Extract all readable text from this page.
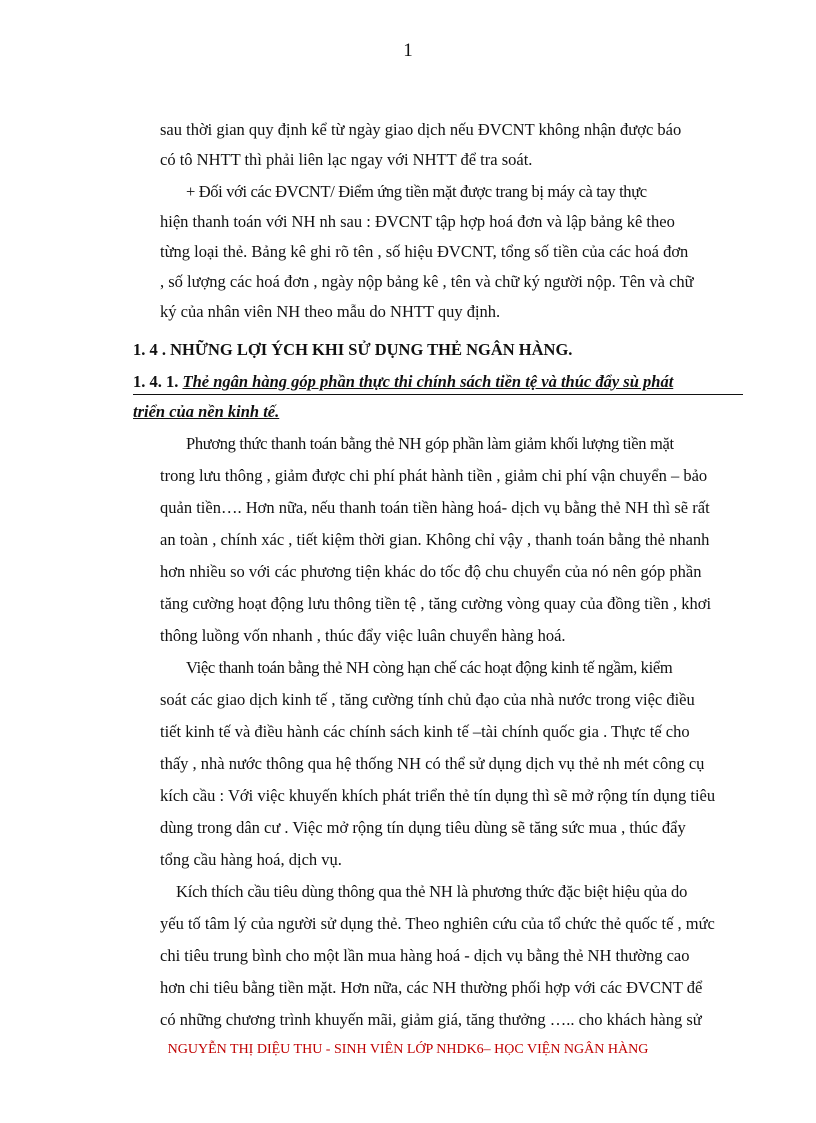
1
sau thời gian quy định kể từ ngày giao dịch nếu ĐVCNT không nhận được báo
có tô NHTT thì phải liên lạc ngay với NHTT để tra soát.
+ Đối với các ĐVCNT/ Điểm ứng tiền mặt được trang bị máy cà tay thực
hiện thanh toán với NH nh sau : ĐVCNT tập hợp hoá đơn và lập bảng kê theo
từng loại thẻ. Bảng kê ghi rõ tên , số hiệu ĐVCNT, tổng số tiền của các hoá đơn
, số lượng các hoá đơn , ngày nộp bảng kê , tên và chữ ký người nộp. Tên và chữ
ký của nhân viên NH theo mẫu do NHTT quy định.
1. 4 . NHỮNG LỢI ÝCH KHI SỬ DỤNG THẺ NGÂN HÀNG.
1. 4. 1. Thẻ ngân hàng góp phần thực thi chính sách tiền tệ và thúc đẩy sù phát
triển của nền kinh tế.
Phương thức thanh toán bằng thẻ NH góp phần làm giảm khối lượng tiền mặt
trong lưu thông , giảm được chi phí phát hành tiền , giảm chi phí vận chuyển – bảo
quản tiền…. Hơn nữa, nếu thanh toán tiền hàng hoá- dịch vụ bằng thẻ NH thì sẽ rất
an toàn , chính xác , tiết kiệm thời gian. Không chỉ vậy , thanh toán bằng thẻ nhanh
hơn nhiều so với các phương tiện khác do tốc độ chu chuyển của nó nên góp phần
tăng cường hoạt động lưu thông tiền tệ , tăng cường vòng quay của đồng tiền , khơi
thông luồng vốn nhanh , thúc đẩy việc luân chuyển hàng hoá.
Việc thanh toán bằng thẻ NH còng hạn chế các hoạt động kinh tế ngầm, kiểm
soát các giao dịch kinh tế , tăng cường tính chủ đạo của nhà nước trong việc điều
tiết kinh tế và điều hành các chính sách kinh tế –tài chính quốc gia . Thực tế cho
thấy , nhà nước thông qua hệ thống NH có thể sử dụng dịch vụ thẻ nh mét công cụ
kích cầu : Với việc khuyến khích phát triển thẻ tín dụng thì sẽ mở rộng tín dụng tiêu
dùng trong dân cư . Việc mở rộng tín dụng tiêu dùng sẽ tăng sức mua , thúc đẩy
tổng cầu hàng hoá, dịch vụ.
Kích thích cầu tiêu dùng thông qua thẻ NH là phương thức đặc biệt hiệu qủa do
yếu tố tâm lý của người sử dụng thẻ. Theo nghiên cứu của tổ chức thẻ quốc tế , mức
chi tiêu trung bình cho một lần mua hàng hoá - dịch vụ bằng thẻ NH thường cao
hơn chi tiêu bằng tiền mặt. Hơn nữa, các NH thường phối hợp với các ĐVCNT để
có những chương trình khuyến mãi, giảm giá, tăng thưởng ….. cho khách hàng sử
NGUYỄN THỊ DIỆU THU - SINH VIÊN LỚP NHDK6– HỌC VIỆN NGÂN HÀNG
